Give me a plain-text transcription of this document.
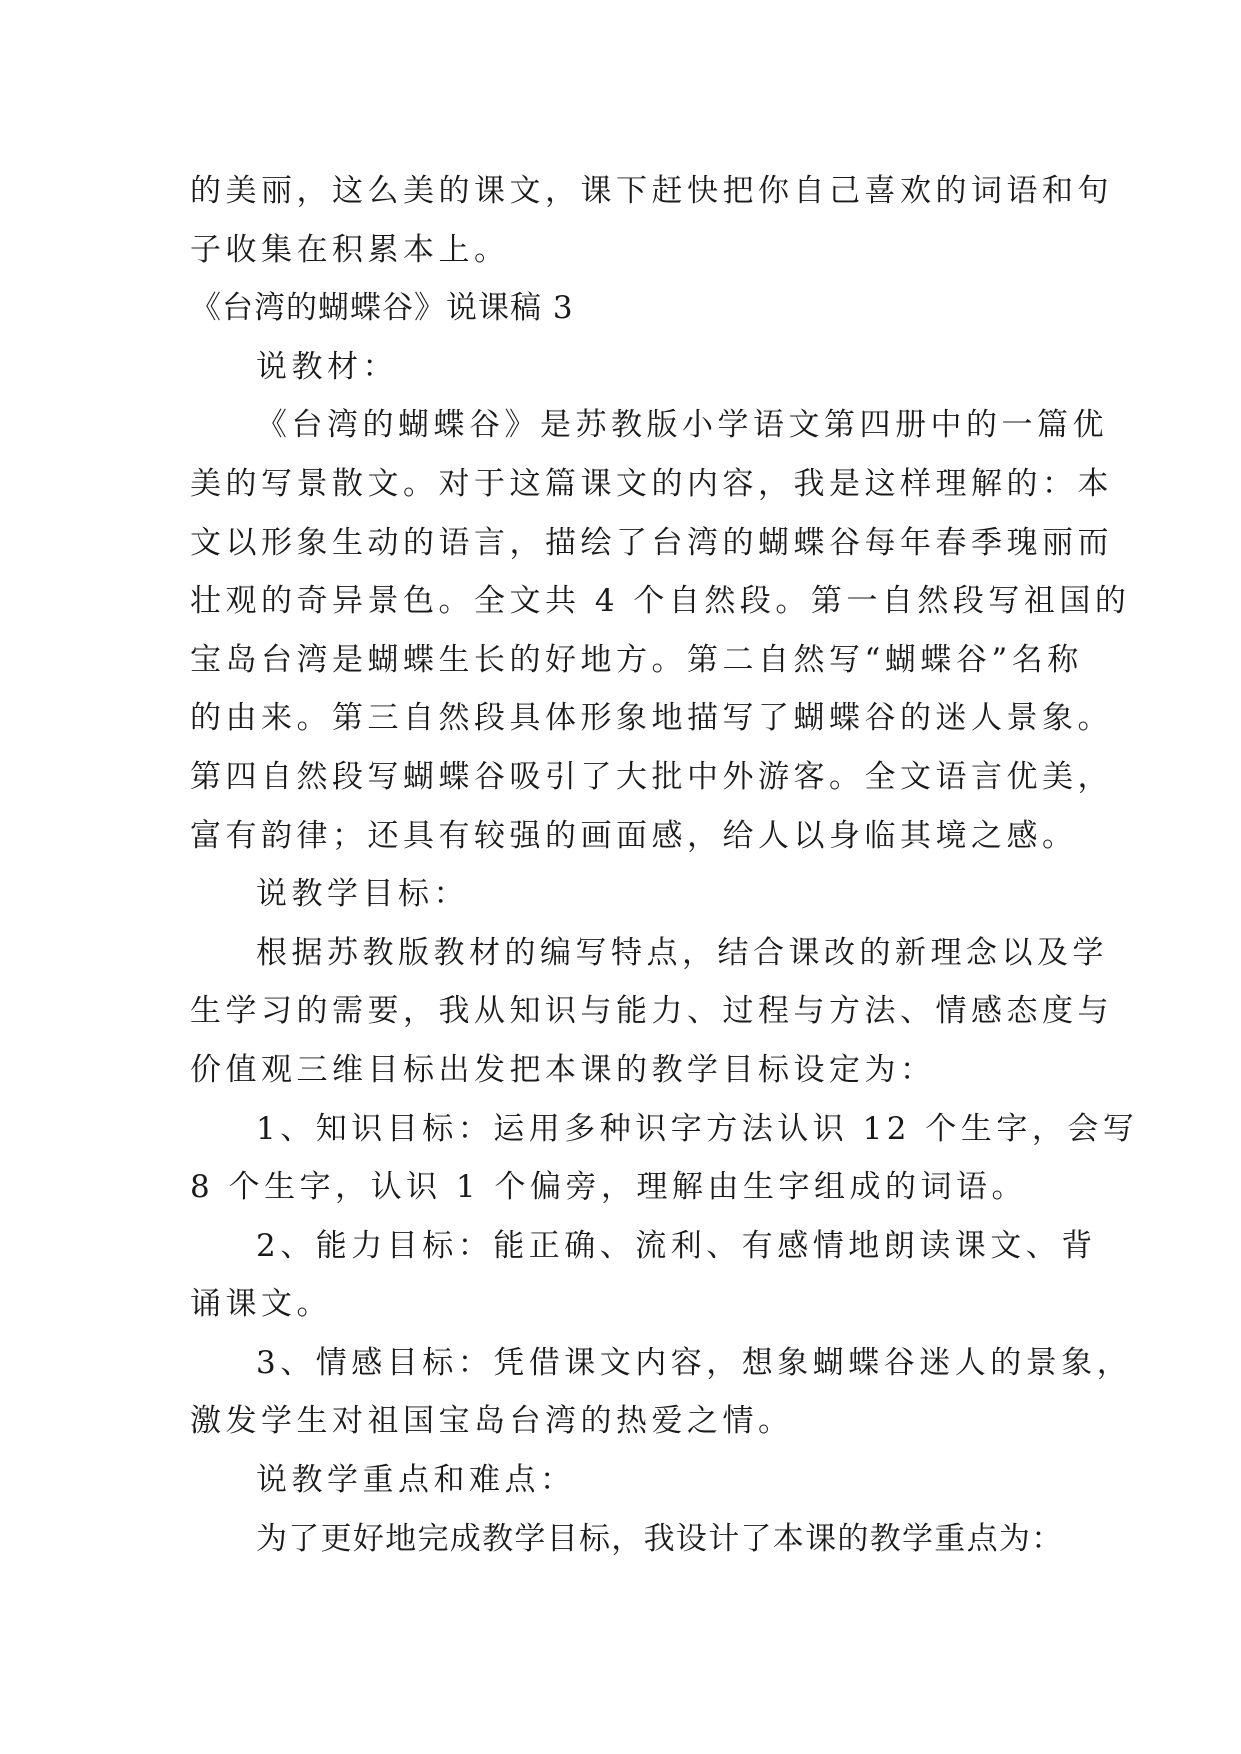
的美丽，这么美的课文，课下赶快把你自己喜欢的词语和句
子收集在积累本上。
《台湾的蝴蝶谷》说课稿 3
说教材：
《台湾的蝴蝶谷》是苏教版小学语文第四册中的一篇优
美的写景散文。对于这篇课文的内容，我是这样理解的：本
文以形象生动的语言，描绘了台湾的蝴蝶谷每年春季瑰丽而
壮观的奇异景色。全文共 4 个自然段。第一自然段写祖国的
宝岛台湾是蝴蝶生长的好地方。第二自然写“蝴蝶谷”名称
的由来。第三自然段具体形象地描写了蝴蝶谷的迷人景象。
第四自然段写蝴蝶谷吸引了大批中外游客。全文语言优美，
富有韵律；还具有较强的画面感，给人以身临其境之感。
说教学目标：
根据苏教版教材的编写特点，结合课改的新理念以及学
生学习的需要，我从知识与能力、过程与方法、情感态度与
价值观三维目标出发把本课的教学目标设定为：
1、知识目标：运用多种识字方法认识 12 个生字，会写
8 个生字，认识 1 个偏旁，理解由生字组成的词语。
2、能力目标：能正确、流利、有感情地朗读课文、背
诵课文。
3、情感目标：凭借课文内容，想象蝴蝶谷迷人的景象，
激发学生对祖国宝岛台湾的热爱之情。
说教学重点和难点：
为了更好地完成教学目标，我设计了本课的教学重点为：
